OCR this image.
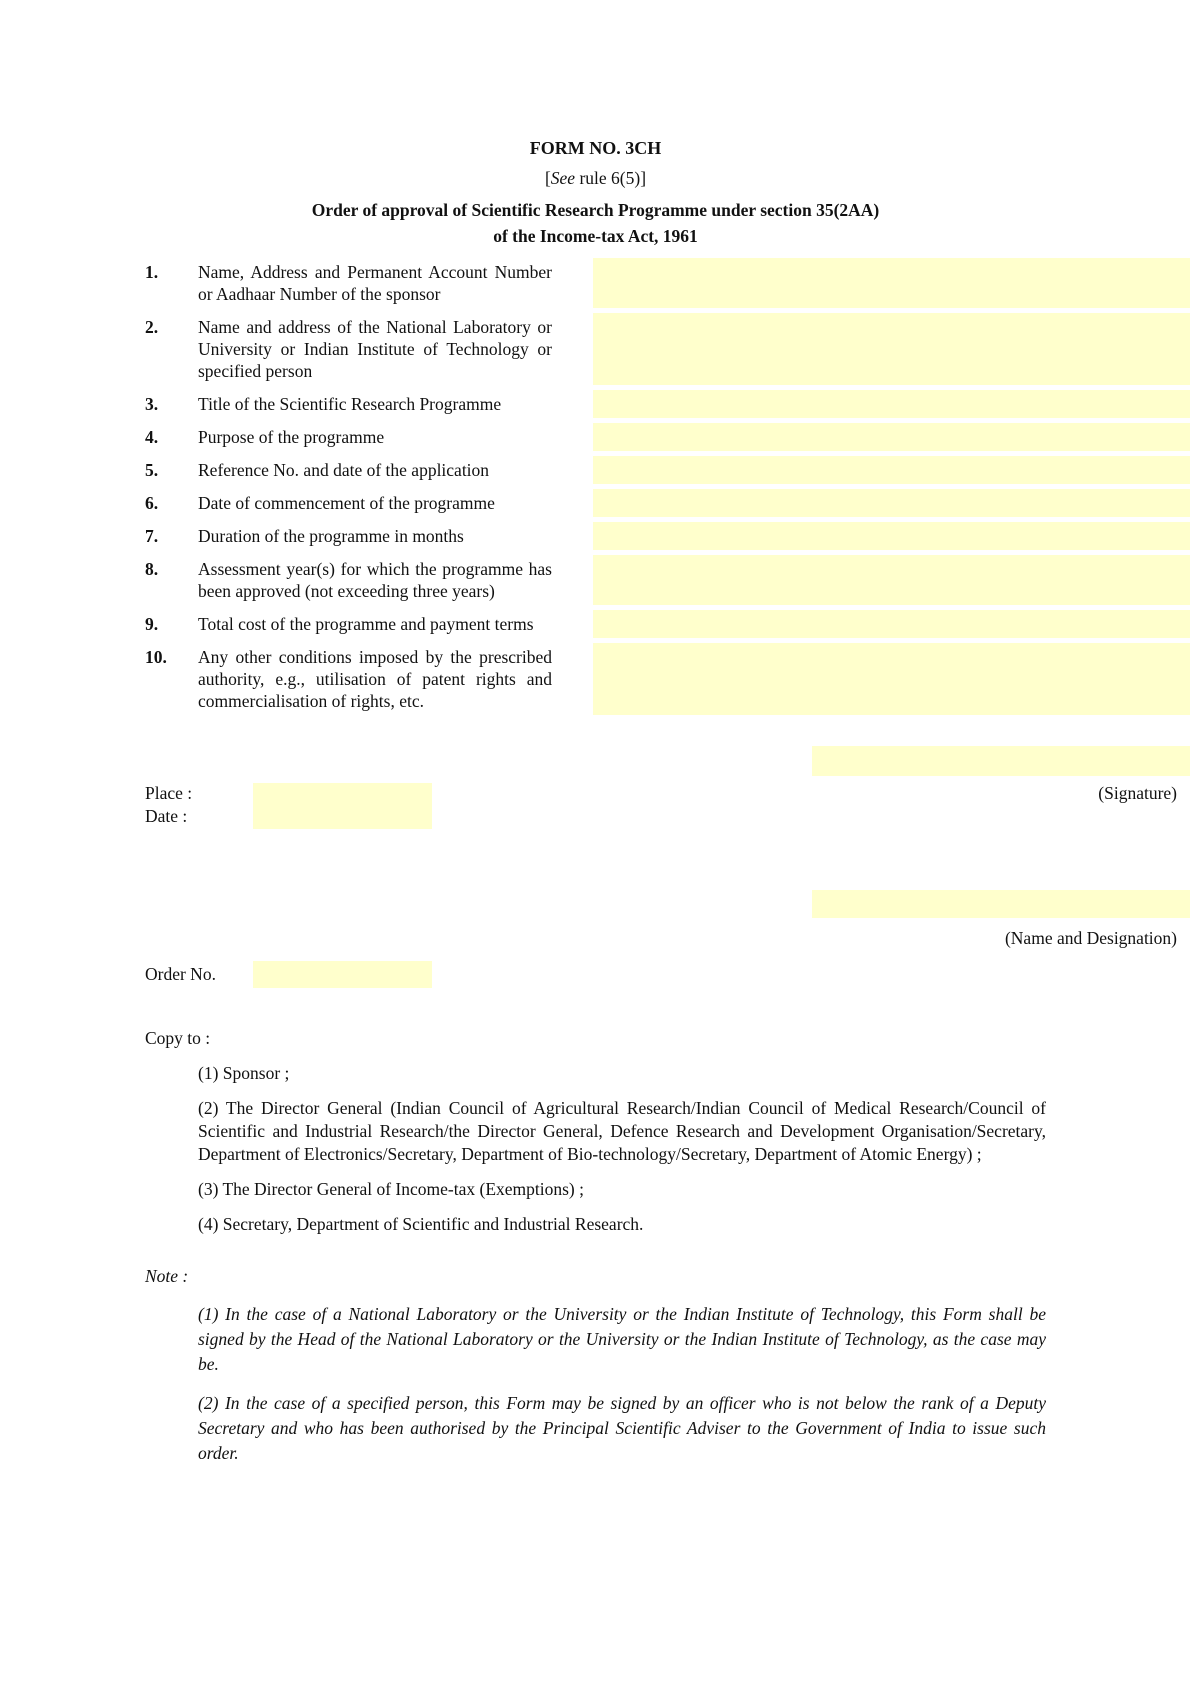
FORM NO. 3CH
[See rule 6(5)]
Order of approval of Scientific Research Programme under section 35(2AA)
of the Income-tax Act, 1961
1.	Name, Address and Permanent Account Number or Aadhaar Number of the sponsor
2.	Name and address of the National Laboratory or University or Indian Institute of Technology or specified person
3.	Title of the Scientific Research Programme
4.	Purpose of the programme
5.	Reference No. and date of the application
6.	Date of commencement of the programme
7.	Duration of the programme in months
8.	Assessment year(s) for which the programme has been approved (not exceeding three years)
9.	Total cost of the programme and payment terms
10.	Any other conditions imposed by the prescribed authority, e.g., utilisation of patent rights and commercialisation of rights, etc.
Place :
Date :
(Signature)
(Name and Designation)
Order No.
Copy to :
(1) Sponsor ;
(2) The Director General (Indian Council of Agricultural Research/Indian Council of Medical Research/Council of Scientific and Industrial Research/the Director General, Defence Research and Development Organisation/Secretary, Department of Electronics/Secretary, Department of Bio-technology/Secretary, Department of Atomic Energy) ;
(3) The Director General of Income-tax (Exemptions) ;
(4) Secretary, Department of Scientific and Industrial Research.
Note :
(1) In the case of a National Laboratory or the University or the Indian Institute of Technology, this Form shall be signed by the Head of the National Laboratory or the University or the Indian Institute of Technology, as the case may be.
(2) In the case of a specified person, this Form may be signed by an officer who is not below the rank of a Deputy Secretary and who has been authorised by the Principal Scientific Adviser to the Government of India to issue such order.
